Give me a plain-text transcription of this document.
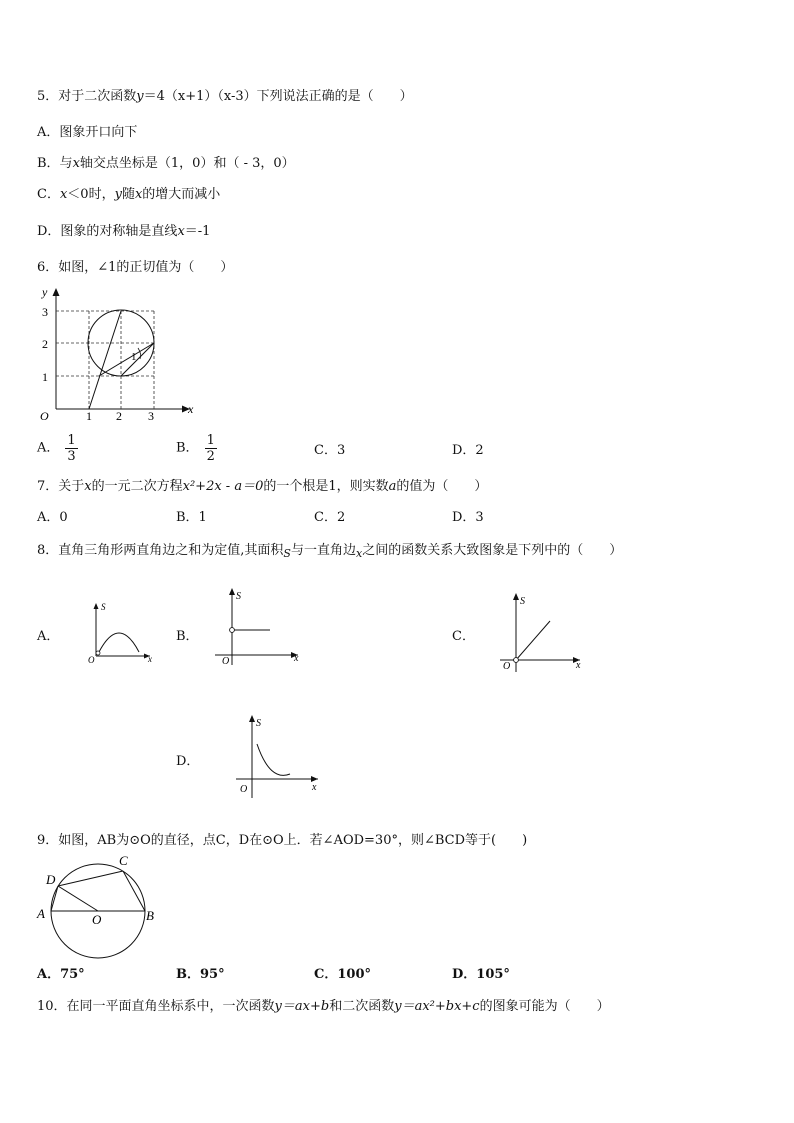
5．对于二次函数y＝4（x+1）（x-3）下列说法正确的是（　　）
A．图象开口向下
B．与x轴交点坐标是（1，0）和（ - 3，0）
C．x＜0时，y随x的增大而减小
D．图象的对称轴是直线x＝-1
6．如图，∠1的正切值为（　　）
y
x
O
3
2
1
1 2 3
1
A． $\frac{1}{3}$	B． $\frac{1}{2}$	C．3	D．2
7．关于x的一元二次方程x²+2x - a＝0的一个根是1，则实数a的值为（　　）
A．0	B．1	C．2	D．3
8．直角三角形两直角边之和为定值,其面积$_S$与一直角边$_x$之间的函数关系大致图象是下列中的（　　）
A．
S
x
O
B．
S
x
O
C．
S
x
O
D．
S
x
O
9．如图，AB为⊙O的直径，点C，D在⊙O上．若∠AOD=30°，则∠BCD等于(　　)
A	B
C
D
O
A．75°	B．95°	C．100°	D．105°
10．在同一平面直角坐标系中，一次函数y＝ax+b和二次函数y＝ax²+bx+c的图象可能为（　　）
